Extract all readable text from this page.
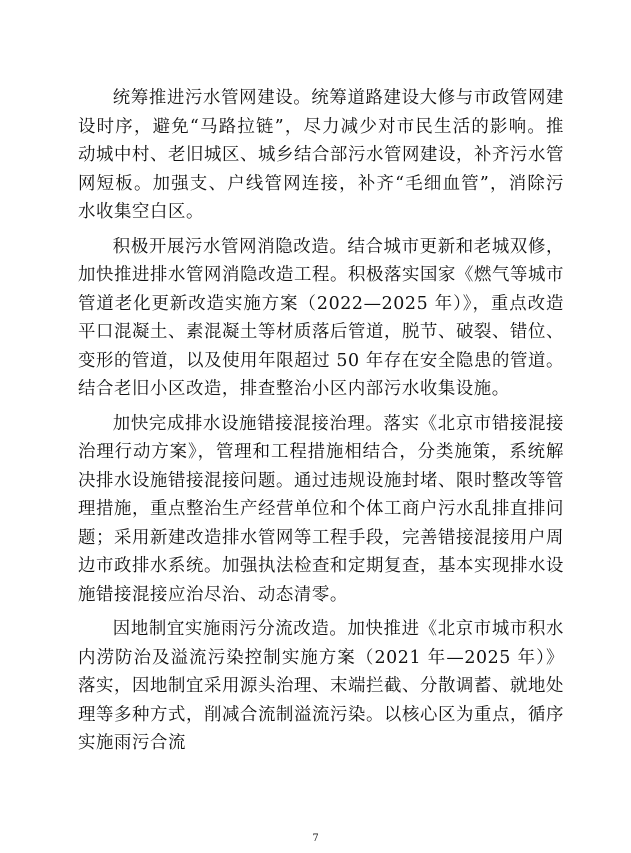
统筹推进污水管网建设。统筹道路建设大修与市政管网建设时序，避免“马路拉链”，尽力减少对市民生活的影响。推动城中村、老旧城区、城乡结合部污水管网建设，补齐污水管网短板。加强支、户线管网连接，补齐“毛细血管”，消除污水收集空白区。

积极开展污水管网消隐改造。结合城市更新和老城双修，加快推进排水管网消隐改造工程。积极落实国家《燃气等城市管道老化更新改造实施方案（2022—2025 年）》，重点改造平口混凝土、素混凝土等材质落后管道，脱节、破裂、错位、变形的管道，以及使用年限超过 50 年存在安全隐患的管道。结合老旧小区改造，排查整治小区内部污水收集设施。

加快完成排水设施错接混接治理。落实《北京市错接混接治理行动方案》，管理和工程措施相结合，分类施策，系统解决排水设施错接混接问题。通过违规设施封堵、限时整改等管理措施，重点整治生产经营单位和个体工商户污水乱排直排问题；采用新建改造排水管网等工程手段，完善错接混接用户周边市政排水系统。加强执法检查和定期复查，基本实现排水设施错接混接应治尽治、动态清零。

因地制宜实施雨污分流改造。加快推进《北京市城市积水内涝防治及溢流污染控制实施方案（2021 年—2025 年）》落实，因地制宜采用源头治理、末端拦截、分散调蓄、就地处理等多种方式，削减合流制溢流污染。以核心区为重点，循序实施雨污合流

7
